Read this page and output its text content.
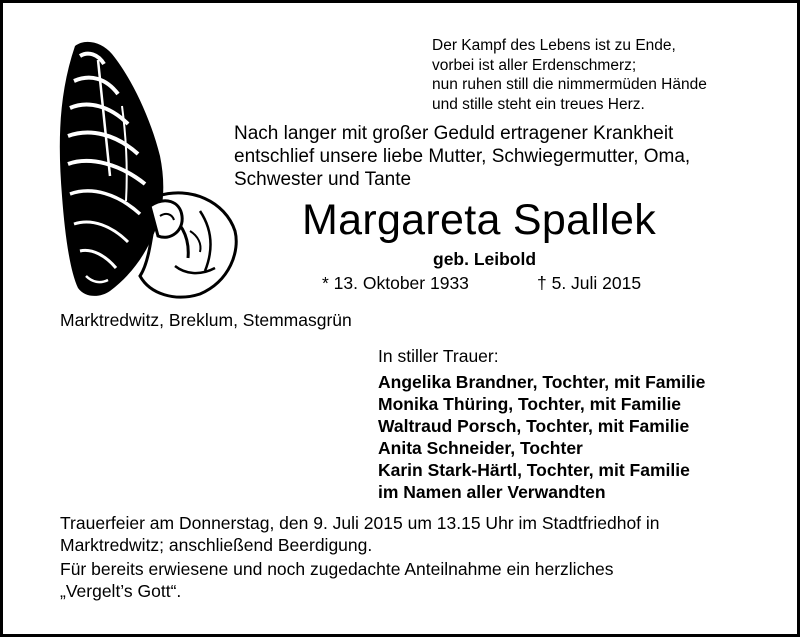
Der Kampf des Lebens ist zu Ende,
vorbei ist aller Erdenschmerz;
nun ruhen still die nimmermüden Hände
und stille steht ein treues Herz.
Nach langer mit großer Geduld ertragener Krankheit
entschlief unsere liebe Mutter, Schwiegermutter, Oma,
Schwester und Tante
Margareta Spallek
geb. Leibold
* 13. Oktober 1933	† 5. Juli 2015
Marktredwitz, Breklum, Stemmasgrün
In stiller Trauer:
Angelika Brandner, Tochter, mit Familie
Monika Thüring, Tochter, mit Familie
Waltraud Porsch, Tochter, mit Familie
Anita Schneider, Tochter
Karin Stark-Härtl, Tochter, mit Familie
im Namen aller Verwandten
Trauerfeier am Donnerstag, den 9. Juli 2015 um 13.15 Uhr im Stadtfriedhof in
Marktredwitz; anschließend Beerdigung.
Für bereits erwiesene und noch zugedachte Anteilnahme ein herzliches
„Vergelt’s Gott“.
